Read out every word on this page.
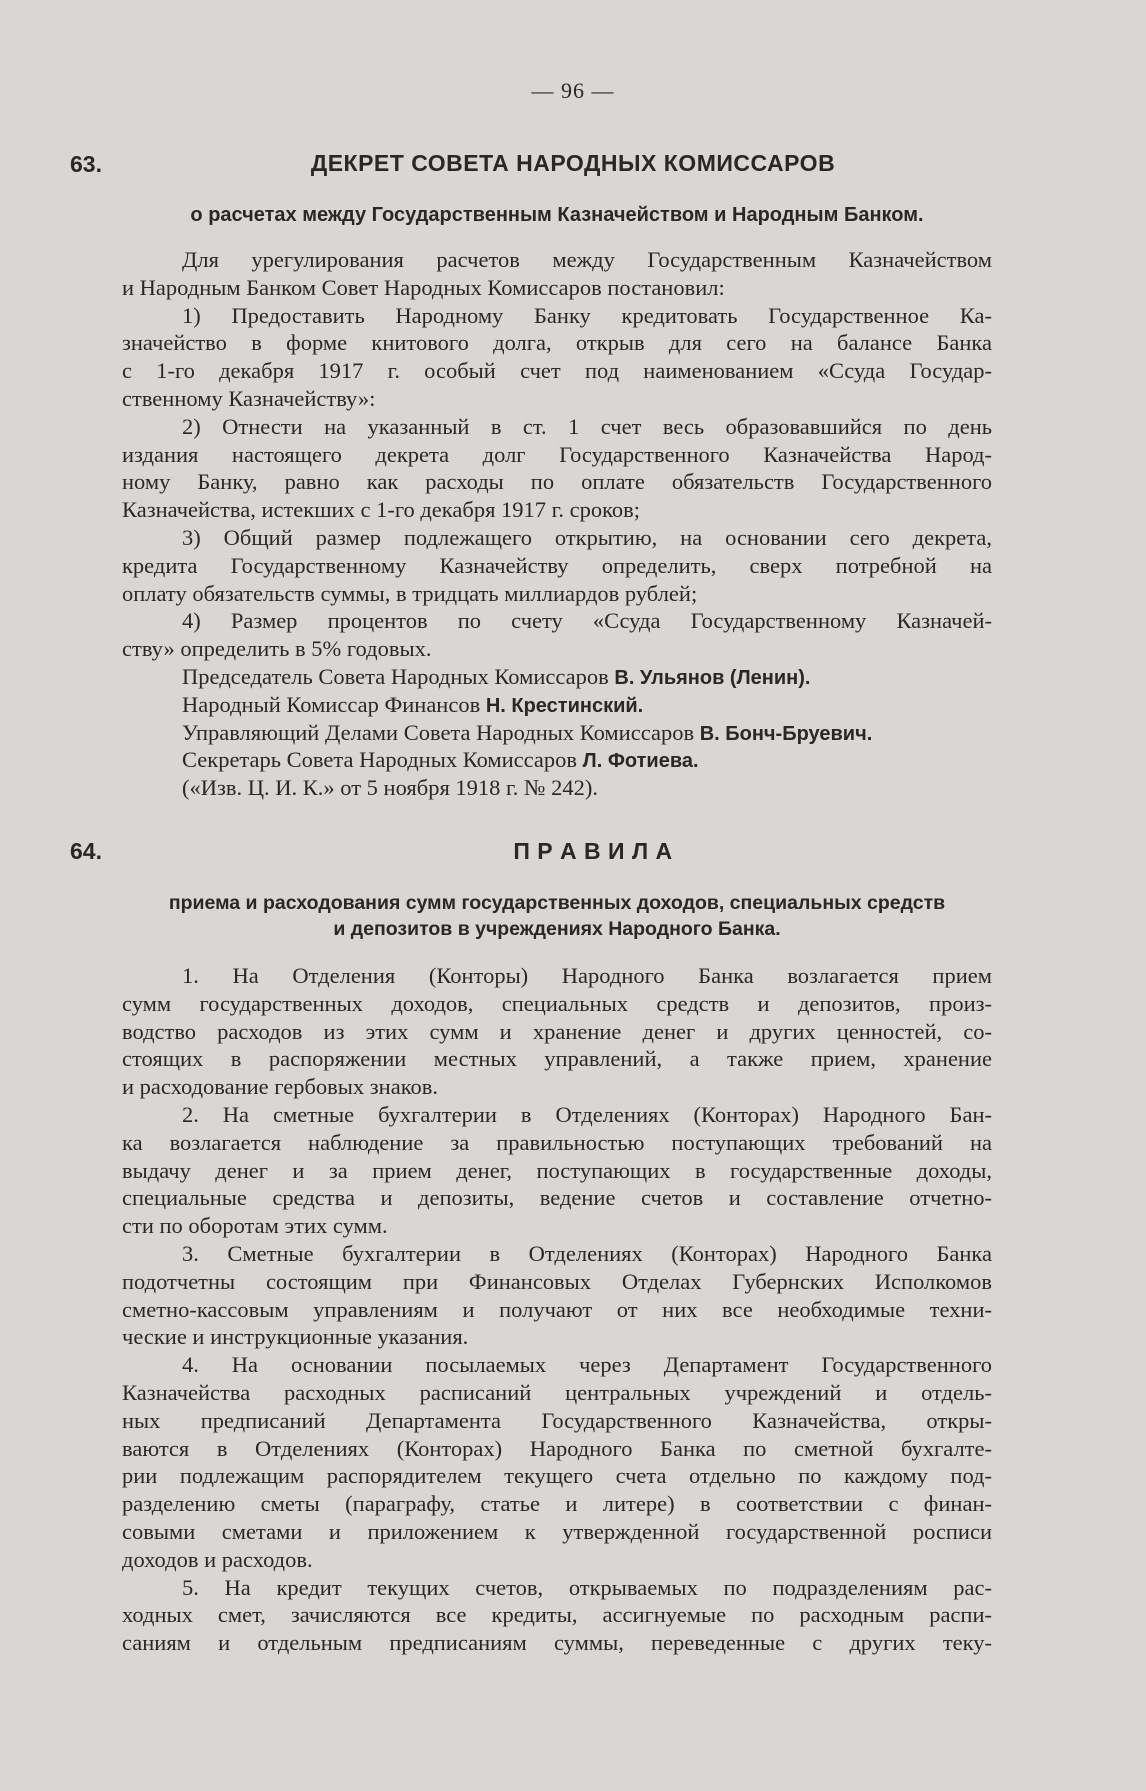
— 96 —
63.	ДЕКРЕТ СОВЕТА НАРОДНЫХ КОМИССАРОВ
о расчетах между Государственным Казначейством и Народным Банком.
Для урегулирования расчетов между Государственным Казначейством
и Народным Банком Совет Народных Комиссаров постановил:
1) Предоставить Народному Банку кредитовать Государственное Ка-
значейство в форме книтового долга, открыв для сего на балансе Банка
с 1-го декабря 1917 г. особый счет под наименованием «Ссуда Государ-
ственному Казначейству»:
2) Отнести на указанный в ст. 1 счет весь образовавшийся по день
издания настоящего декрета долг Государственного Казначейства Народ-
ному Банку, равно как расходы по оплате обязательств Государственного
Казначейства, истекших с 1-го декабря 1917 г. сроков;
3) Общий размер подлежащего открытию, на основании сего декрета,
кредита Государственному Казначейству определить, сверх потребной на
оплату обязательств суммы, в тридцать миллиардов рублей;
4) Размер процентов по счету «Ссуда Государственному Казначей-
ству» определить в 5% годовых.
Председатель Совета Народных Комиссаров В. Ульянов (Ленин).
Народный Комиссар Финансов Н. Крестинский.
Управляющий Делами Совета Народных Комиссаров В. Бонч-Бруевич.
Секретарь Совета Народных Комиссаров Л. Фотиева.
(«Изв. Ц. И. К.» от 5 ноября 1918 г. № 242).
64.	П Р А В И Л А
приема и расходования сумм государственных доходов, специальных средств
и депозитов в учреждениях Народного Банка.
1. На Отделения (Конторы) Народного Банка возлагается прием
сумм государственных доходов, специальных средств и депозитов, произ-
водство расходов из этих сумм и хранение денег и других ценностей, со-
стоящих в распоряжении местных управлений, а также прием, хранение
и расходование гербовых знаков.
2. На сметные бухгалтерии в Отделениях (Конторах) Народного Бан-
ка возлагается наблюдение за правильностью поступающих требований на
выдачу денег и за прием денег, поступающих в государственные доходы,
специальные средства и депозиты, ведение счетов и составление отчетно-
сти по оборотам этих сумм.
3. Сметные бухгалтерии в Отделениях (Конторах) Народного Банка
подотчетны состоящим при Финансовых Отделах Губернских Исполкомов
сметно-кассовым управлениям и получают от них все необходимые техни-
ческие и инструкционные указания.
4. На основании посылаемых через Департамент Государственного
Казначейства расходных расписаний центральных учреждений и отдель-
ных предписаний Департамента Государственного Казначейства, откры-
ваются в Отделениях (Конторах) Народного Банка по сметной бухгалте-
рии подлежащим распорядителем текущего счета отдельно по каждому под-
разделению сметы (параграфу, статье и литере) в соответствии с финан-
совыми сметами и приложением к утвержденной государственной росписи
доходов и расходов.
5. На кредит текущих счетов, открываемых по подразделениям рас-
ходных смет, зачисляются все кредиты, ассигнуемые по расходным распи-
саниям и отдельным предписаниям суммы, переведенные с других теку-
